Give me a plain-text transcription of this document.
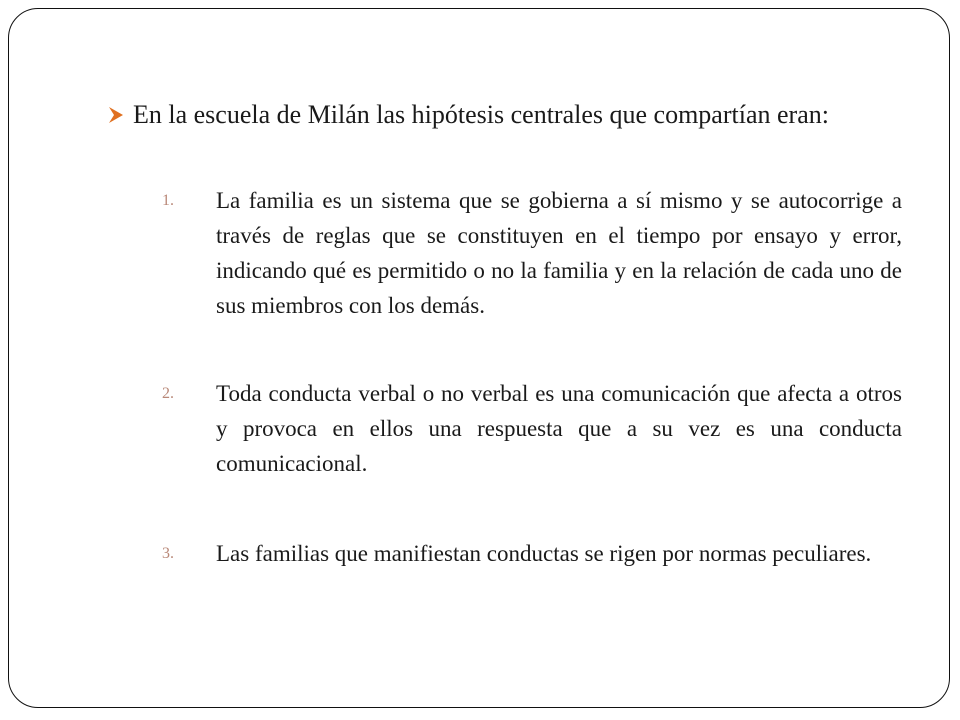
En la escuela de Milán las hipótesis centrales que compartían eran:
1.	La familia es un sistema que se gobierna a sí mismo y se autocorrige a través de reglas que se constituyen en el tiempo por ensayo y error, indicando qué es permitido o no la familia y en la relación de cada uno de sus miembros con los demás.
2.	Toda conducta verbal o no verbal es una comunicación que afecta a otros y provoca en ellos una respuesta que a su vez es una conducta comunicacional.
3.	Las familias que manifiestan conductas se rigen por normas peculiares.
